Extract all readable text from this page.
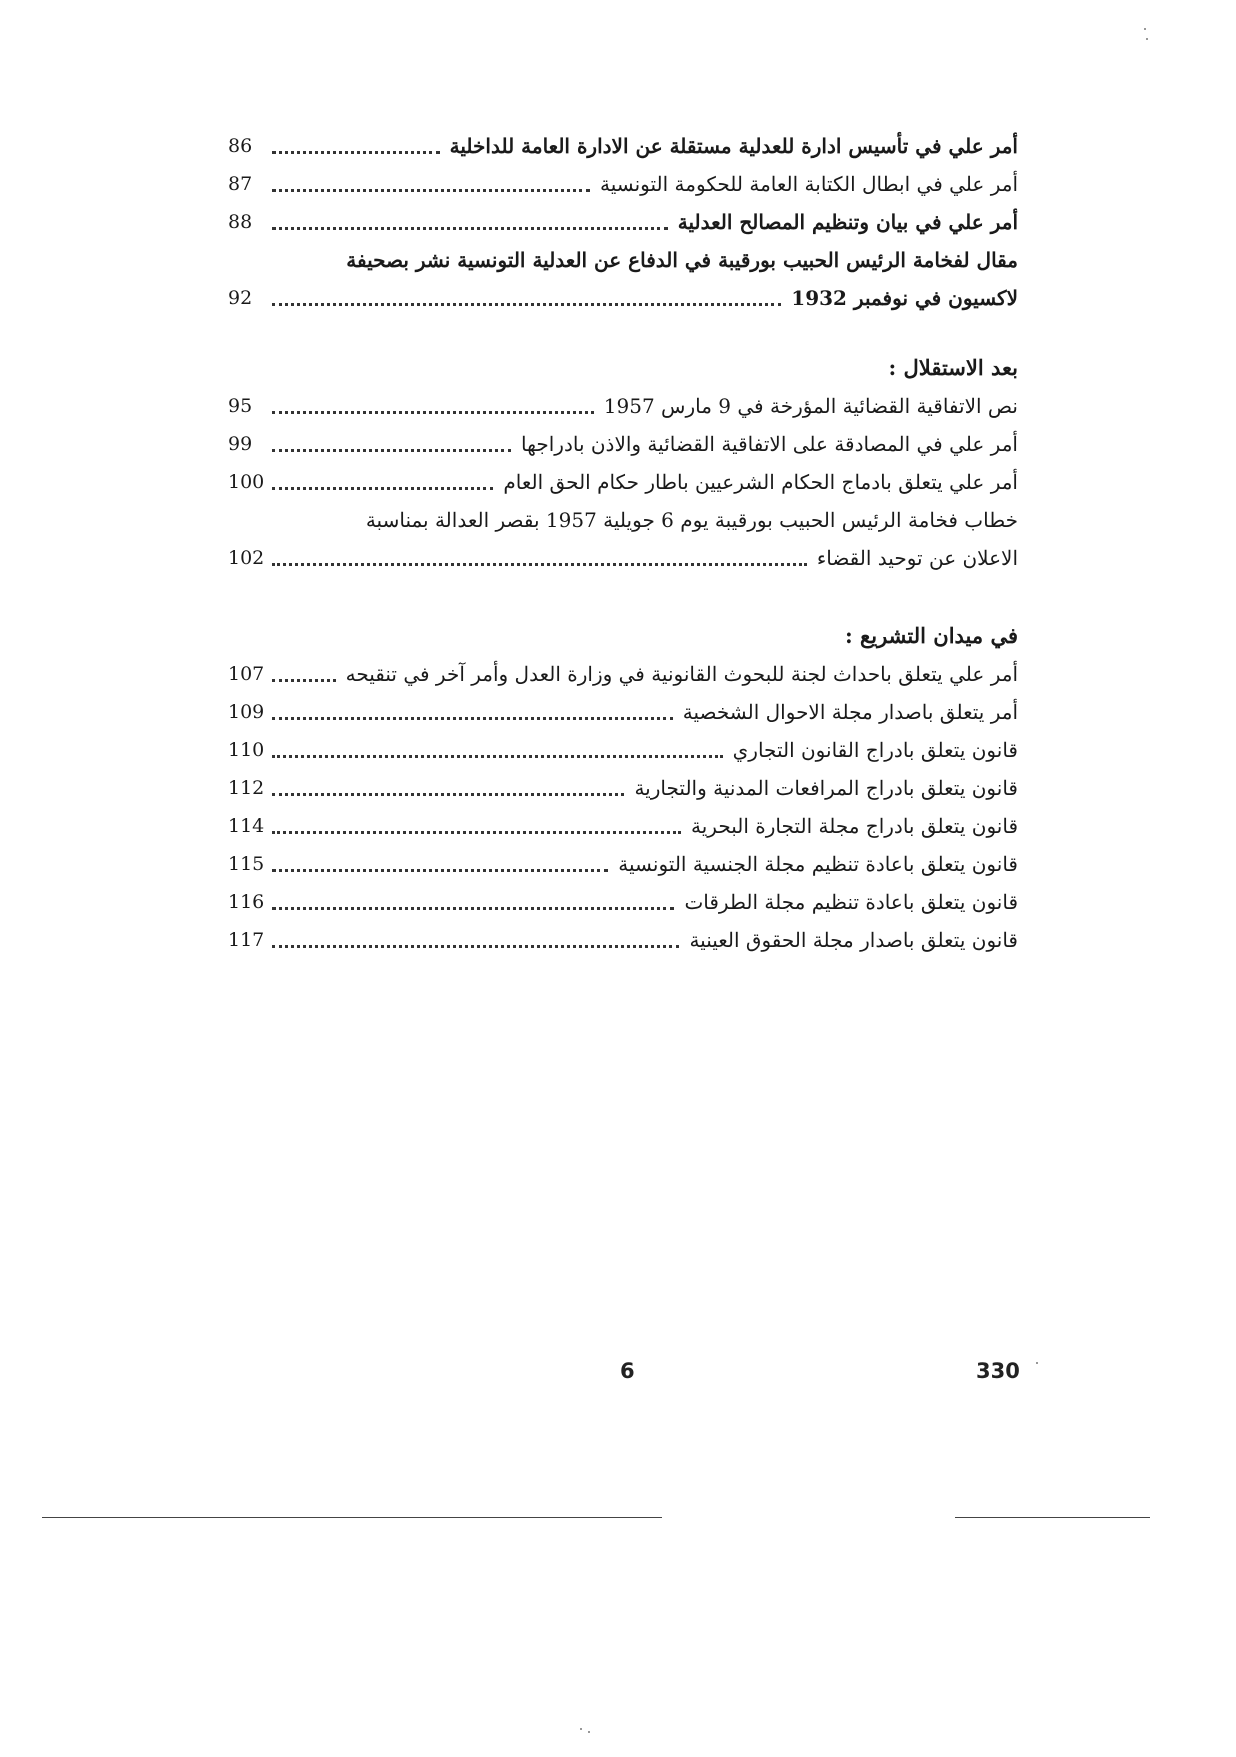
أمر علي في تأسيس ادارة للعدلية مستقلة عن الادارة العامة للداخلية
86
أمر علي في ابطال الكتابة العامة للحكومة التونسية
87
أمر علي في بيان وتنظيم المصالح العدلية
88
مقال لفخامة الرئيس الحبيب بورقيبة في الدفاع عن العدلية التونسية نشر بصحيفة
لاكسيون في نوفمبر 1932
92
بعد الاستقلال :
نص الاتفاقية القضائية المؤرخة في 9 مارس 1957
95
أمر علي في المصادقة على الاتفاقية القضائية والاذن بادراجها
99
أمر علي يتعلق بادماج الحكام الشرعيين باطار حكام الحق العام
100
خطاب فخامة الرئيس الحبيب بورقيبة يوم 6 جويلية 1957 بقصر العدالة بمناسبة
الاعلان عن توحيد القضاء
102
في ميدان التشريع :
أمر علي يتعلق باحداث لجنة للبحوث القانونية في وزارة العدل وأمر آخر في تنقيحه
107
أمر يتعلق باصدار مجلة الاحوال الشخصية
109
قانون يتعلق بادراج القانون التجاري
110
قانون يتعلق بادراج المرافعات المدنية والتجارية
112
قانون يتعلق بادراج مجلة التجارة البحرية
114
قانون يتعلق باعادة تنظيم مجلة الجنسية التونسية
115
قانون يتعلق باعادة تنظيم مجلة الطرقات
116
قانون يتعلق باصدار مجلة الحقوق العينية
117
6	330
